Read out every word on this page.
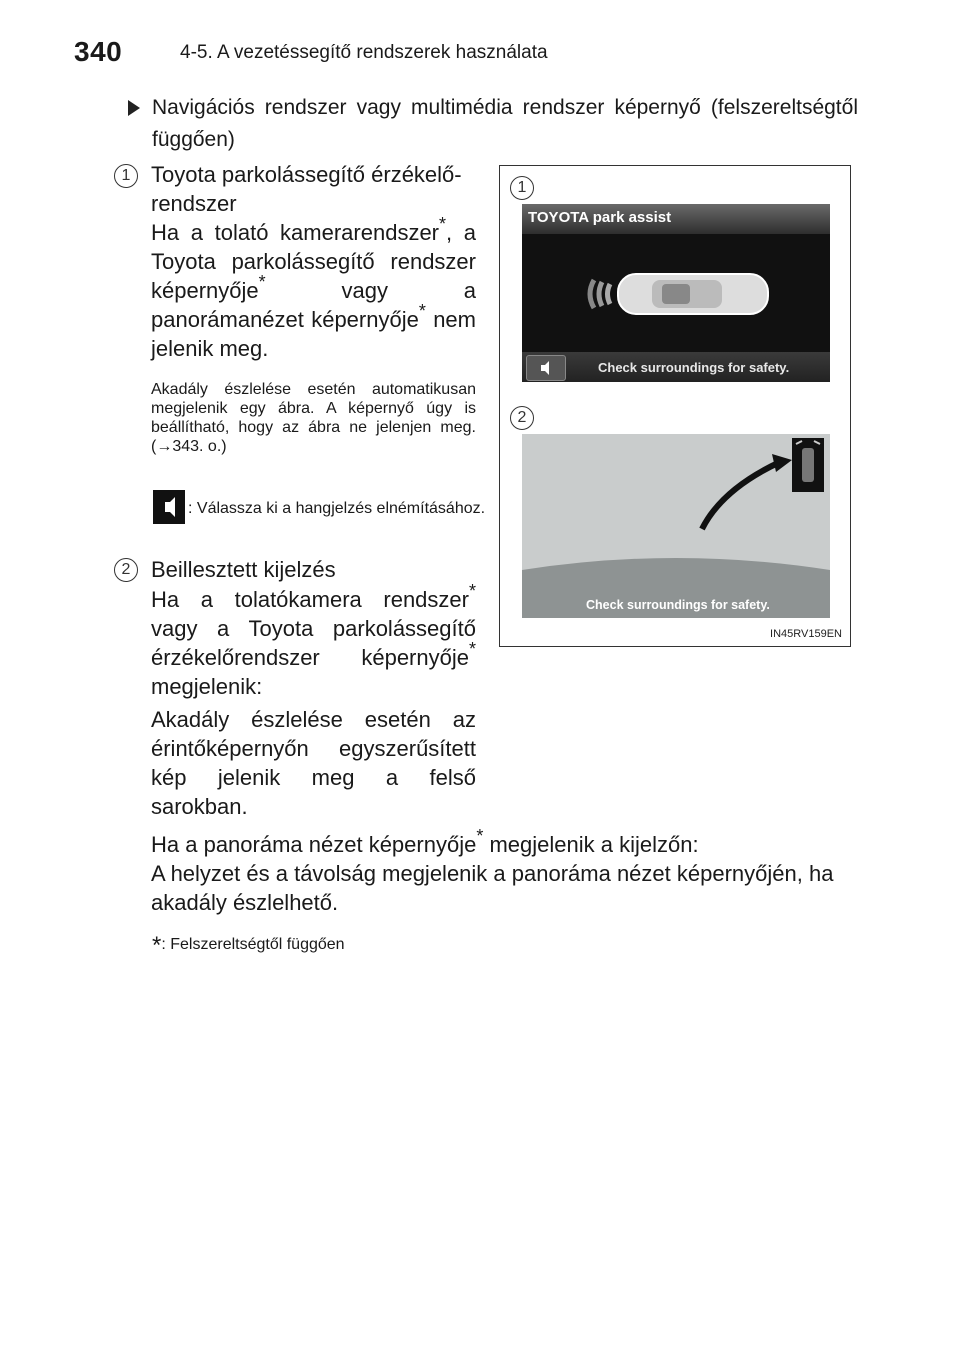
340	4-5. A vezetéssegítő rendszerek használata
Navigációs rendszer vagy multimédia rendszer képernyő (felszereltségtől függően)
1 Toyota parkolássegítő érzékelő-
rendszer
Ha a tolató kamerarendszer*, a Toyota parkolássegítő rendszer képernyője* vagy a panorámanézet képernyője* nem jelenik meg.
Akadály észlelése esetén automatikusan megjelenik egy ábra. A képernyő úgy is beállítható, hogy az ábra ne jelenjen meg. (→343. o.)
: Válassza ki a hangjelzés elnémításához.
2 Beillesztett kijelzés
Ha a tolatókamera rendszer* vagy a Toyota parkolássegítő érzékelőrendszer képernyője* megjelenik:
Akadály észlelése esetén az érintőképernyőn egyszerűsített kép jelenik meg a felső sarokban.
Ha a panoráma nézet képernyője* megjelenik a kijelzőn:
A helyzet és a távolság megjelenik a panoráma nézet képernyőjén, ha akadály észlelhető.
*: Felszereltségtől függően
1
2
TOYOTA park assist
Check surroundings for safety.
Check surroundings for safety.
IN45RV159EN
